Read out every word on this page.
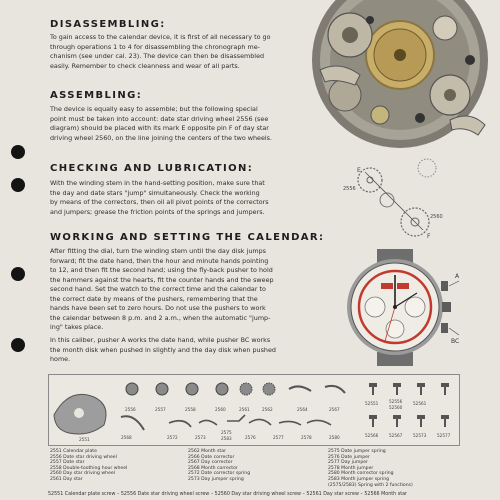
DISASSEMBLING:

To gain access to the calendar device, it is first of all necessary to go

through operations 1 to 4 for disassembling the chronograph me-

chanism (see under cal. 23). The device can then be disassembled

easily. Remember to check cleanness and wear of all parts.

ASSEMBLING:

The device is equally easy to assemble; but the following special

point must be taken into account: date star driving wheel 2556 (see

diagram) should be placed with its mark E opposite pin F of day star

driving wheel 2560, on the line joining the centers of the two wheels.

CHECKING AND LUBRICATION:

With the winding stem in the hand-setting position, make sure that

the day and date stars "jump" simultaneously. Check the working

by means of the correctors, then oil all pivot points of the correctors

and jumpers; grease the friction points of the springs and jumpers.

WORKING AND SETTING THE CALENDAR:

After fitting the dial, turn the winding stem until the day disk jumps

forward; fit the date hand, then the hour and minute hands pointing

to 12, and then fit the second hand; using the fly-back pusher to hold

the hammers against the hearts, fit the counter hands and the sweep

second hand. Set the watch to the correct time and the calendar to

the correct date by means of the pushers, remembering that the

hands have been set to zero hours. Do not use the pushers to work

the calendar between 8 p.m. and 2 a.m., when the automatic "jump-

ing" takes place.

In this caliber, pusher A works the date hand, while pusher BC works

the month disk when pushed in slightly and the day disk when pushed

home.

E
F
2556
2560
A
BC
2556	2557	2558	2560	2561	2562	2564	2567
2551	2568	2572	2573
2575
2583	2576	2577	2578	2580
52551	52556
52560
52561
52566	52567	52573	52577
2551 Calendar plate
2556 Date star driving wheel
2557 Date star
2558 Double-toothing hour wheel
2560 Day star driving wheel
2561 Day star
2562 Month star
2566 Date corrector
2567 Day corrector
2568 Month corrector
2572 Date corrector spring
2573 Day jumper spring
2575 Date jumper spring
2576 Date jumper
2577 Day jumper
2578 Month jumper
2580 Month corrector spring
2583 Month jumper spring
(2575/2583) Spring with 2 functions)
52551 Calendar plate screw – 52556 Date star driving wheel screw – 52560 Day star driving wheel screw – 52561 Day star screw – 52566 Month star
